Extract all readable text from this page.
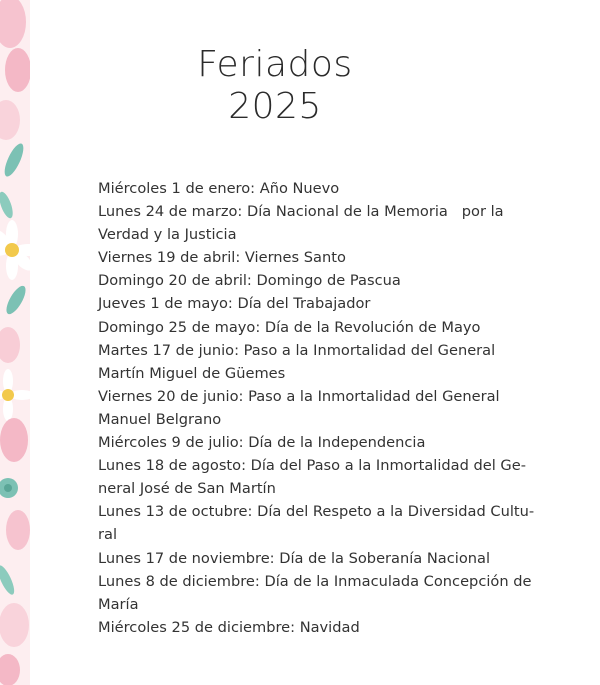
Feriados
2025
Miércoles 1 de enero: Año Nuevo
Lunes 24 de marzo: Día Nacional de la Memoria   por la
Verdad y la Justicia
Viernes 19 de abril: Viernes Santo
Domingo 20 de abril: Domingo de Pascua
Jueves 1 de mayo: Día del Trabajador
Domingo 25 de mayo: Día de la Revolución de Mayo
Martes 17 de junio: Paso a la Inmortalidad del General
Martín Miguel de Güemes
Viernes 20 de junio: Paso a la Inmortalidad del General
Manuel Belgrano
Miércoles 9 de julio: Día de la Independencia
Lunes 18 de agosto: Día del Paso a la Inmortalidad del Ge-
neral José de San Martín
Lunes 13 de octubre: Día del Respeto a la Diversidad Cultu-
ral
Lunes 17 de noviembre: Día de la Soberanía Nacional
Lunes 8 de diciembre: Día de la Inmaculada Concepción de
María
Miércoles 25 de diciembre: Navidad
